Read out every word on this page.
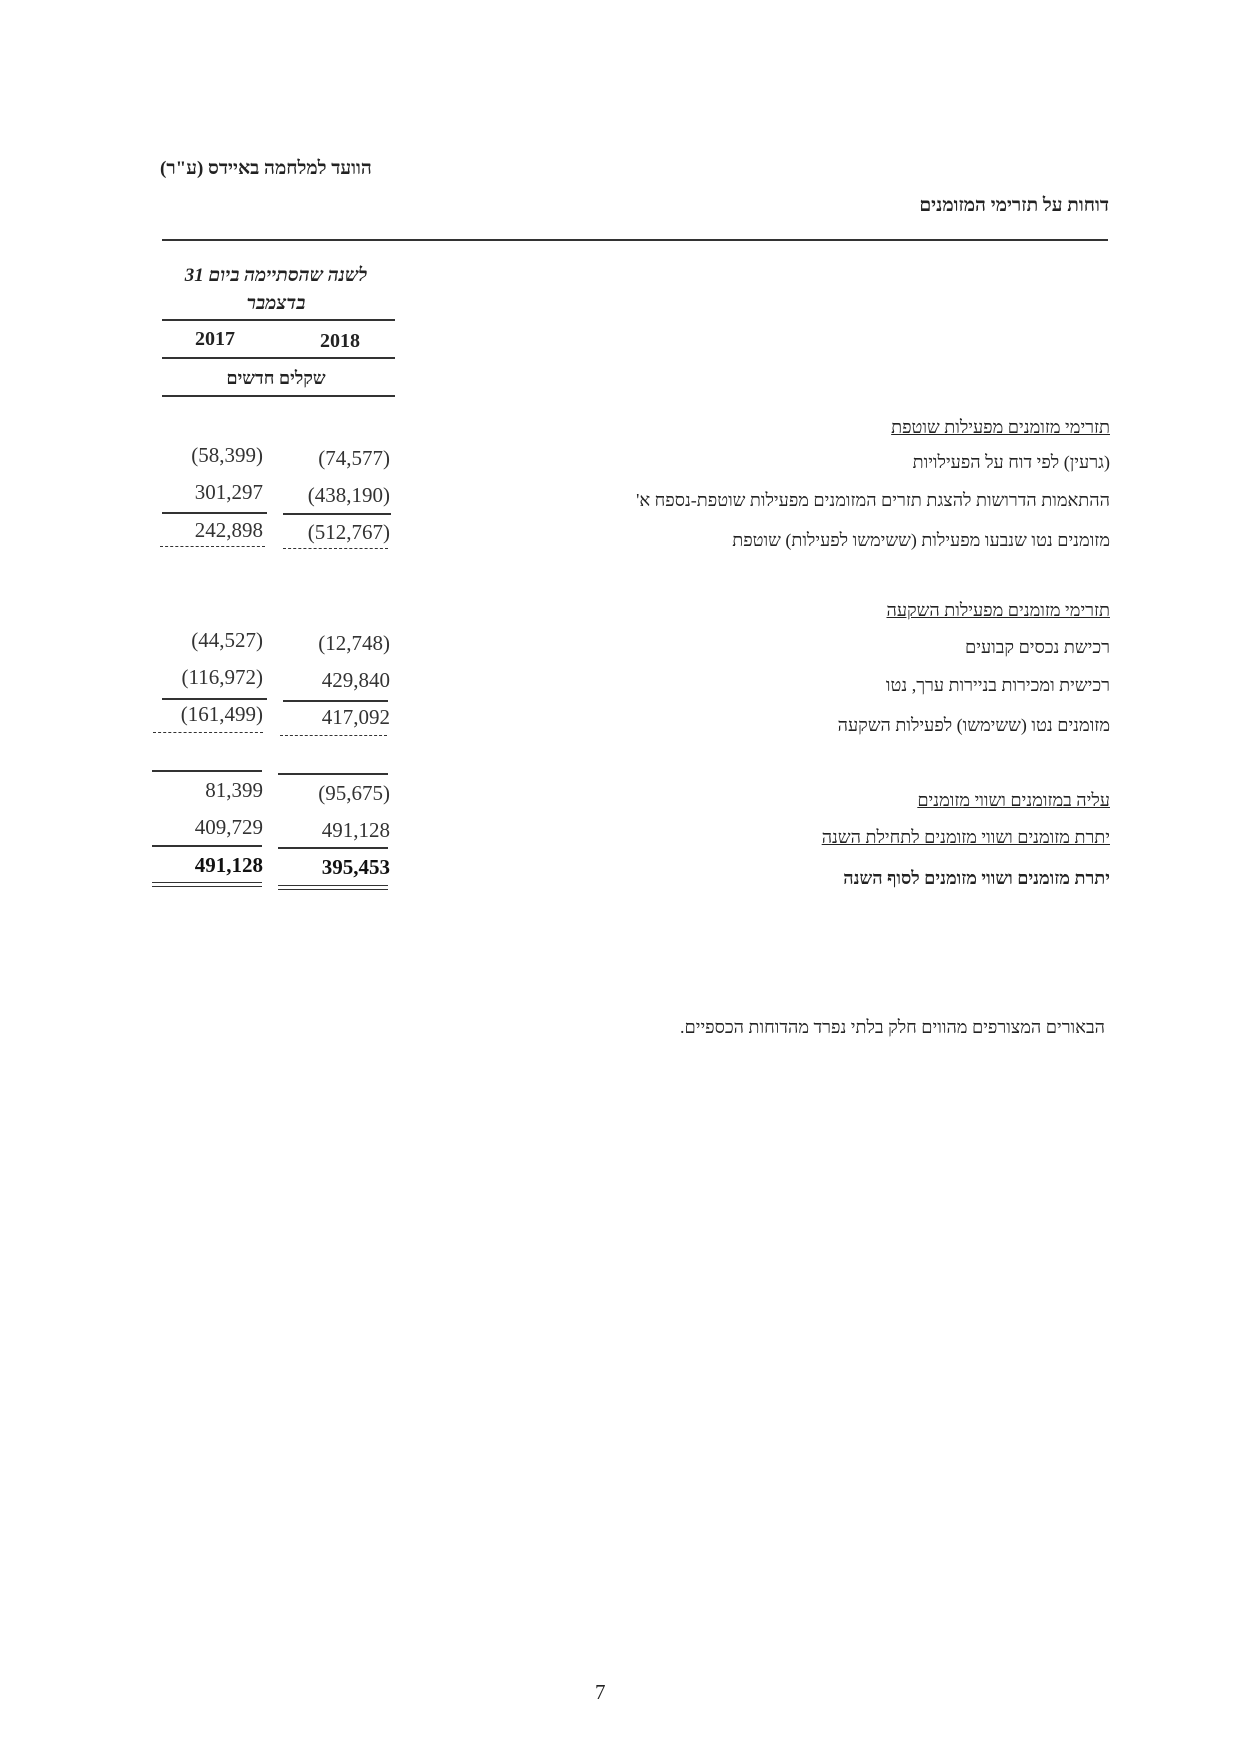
הוועד למלחמה באיידס (ע"ר)
דוחות על תזרימי המזומנים
לשנה שהסתיימה ביום 31 בדצמבר
2017	2018
שקלים חדשים
תזרימי מזומנים מפעילות שוטפת
(גרעין) לפי דוח על הפעילויות
(74,577)
(58,399)
ההתאמות הדרושות להצגת תזרים המזומנים מפעילות שוטפת-נספח א'
(438,190)
301,297
מזומנים נטו שנבעו מפעילות (ששימשו לפעילות) שוטפת
(512,767)
242,898
תזרימי מזומנים מפעילות השקעה
רכישת נכסים קבועים
(12,748)
(44,527)
רכישית ומכירות בניירות ערך, נטו
429,840
(116,972)
מזומנים נטו (ששימשו) לפעילות השקעה
417,092
(161,499)
עליה במזומנים ושווי מזומנים
(95,675)
81,399
יתרת מזומנים ושווי מזומנים לתחילת השנה
491,128
409,729
יתרת מזומנים ושווי מזומנים לסוף השנה
395,453
491,128
הבאורים המצורפים מהווים חלק בלתי נפרד מהדוחות הכספיים.
7
